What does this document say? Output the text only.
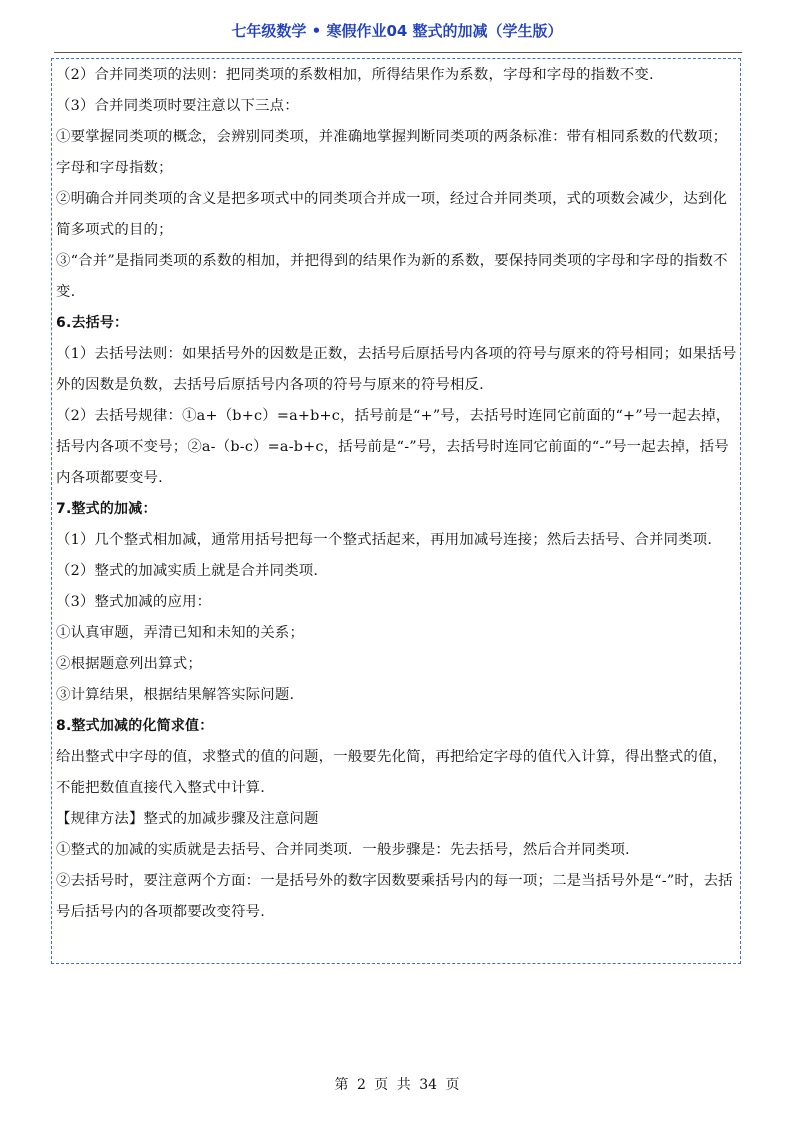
七年级数学 • 寒假作业04 整式的加减（学生版）

（2）合并同类项的法则：把同类项的系数相加，所得结果作为系数，字母和字母的指数不变.

（3）合并同类项时要注意以下三点：

①要掌握同类项的概念，会辨别同类项，并准确地掌握判断同类项的两条标准：带有相同系数的代数项；字母和字母指数；

②明确合并同类项的含义是把多项式中的同类项合并成一项，经过合并同类项，式的项数会减少，达到化简多项式的目的；

③“合并”是指同类项的系数的相加，并把得到的结果作为新的系数，要保持同类项的字母和字母的指数不变.

6.去括号：

（1）去括号法则：如果括号外的因数是正数，去括号后原括号内各项的符号与原来的符号相同；如果括号外的因数是负数，去括号后原括号内各项的符号与原来的符号相反.

（2）去括号规律：①a+（b+c）=a+b+c，括号前是“+”号，去括号时连同它前面的“+”号一起去掉，括号内各项不变号；②a-（b-c）=a-b+c，括号前是“-”号，去括号时连同它前面的“-”号一起去掉，括号内各项都要变号.

7.整式的加减：

（1）几个整式相加减，通常用括号把每一个整式括起来，再用加减号连接；然后去括号、合并同类项.

（2）整式的加减实质上就是合并同类项.

（3）整式加减的应用：

①认真审题，弄清已知和未知的关系；

②根据题意列出算式；

③计算结果，根据结果解答实际问题.

8.整式加减的化简求值：

给出整式中字母的值，求整式的值的问题，一般要先化简，再把给定字母的值代入计算，得出整式的值，不能把数值直接代入整式中计算.

【规律方法】整式的加减步骤及注意问题

①整式的加减的实质就是去括号、合并同类项．一般步骤是：先去括号，然后合并同类项.

②去括号时，要注意两个方面：一是括号外的数字因数要乘括号内的每一项；二是当括号外是“-”时，去括号后括号内的各项都要改变符号.

第 2 页 共 34 页
